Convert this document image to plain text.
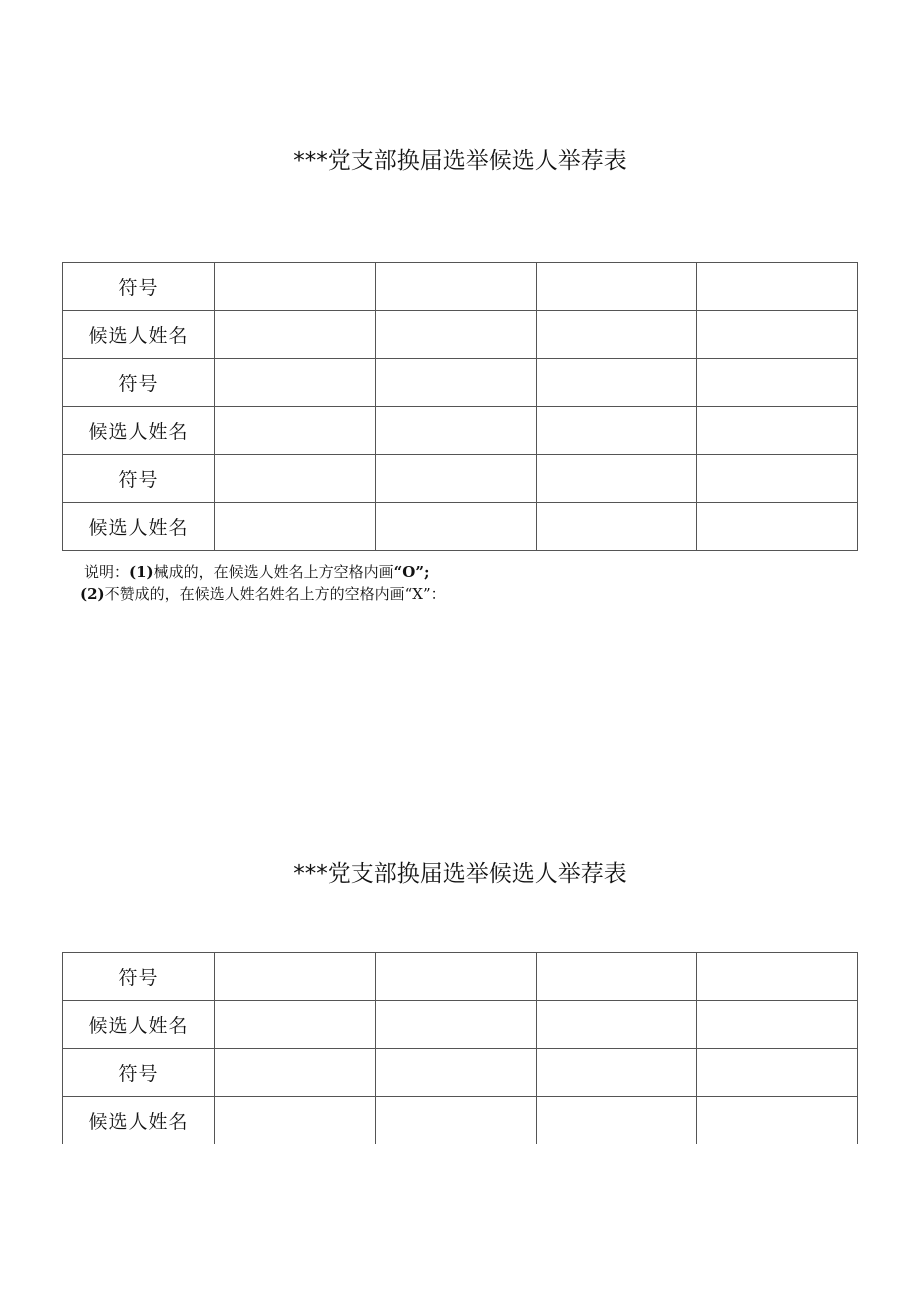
***党支部换届选举候选人举荐表
符号				
候选人姓名				
符号				
候选人姓名				
符号				
候选人姓名				
说明：(1)械成的，在候选人姓名上方空格内画“O”;
(2)不赞成的，在候选人姓名姓名上方的空格内画“X”：
***党支部换届选举候选人举荐表
符号				
候选人姓名				
符号				
候选人姓名				
